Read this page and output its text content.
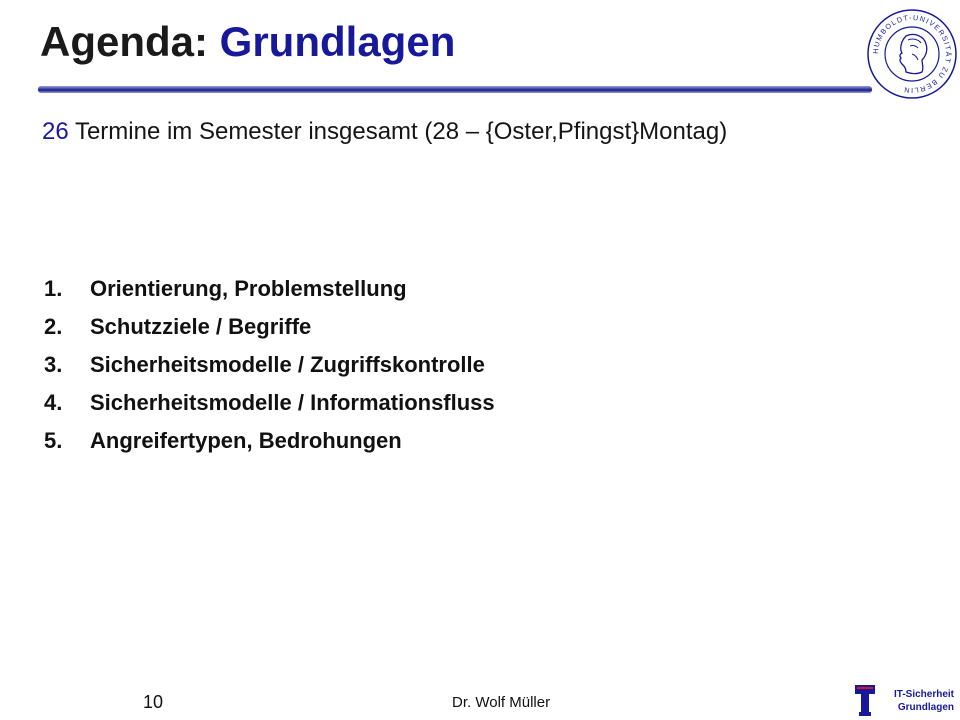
Agenda: Grundlagen	HUMBOLDT-UNIVERSITÄT ZU BERLIN
26 Termine im Semester insgesamt (28 – {Oster,Pfingst}Montag)
1.	Orientierung, Problemstellung
2.	Schutzziele / Begriffe
3.	Sicherheitsmodelle / Zugriffskontrolle
4.	Sicherheitsmodelle / Informationsfluss
5.	Angreifertypen, Bedrohungen
10	Dr. Wolf Müller	IT-Sicherheit
Grundlagen
